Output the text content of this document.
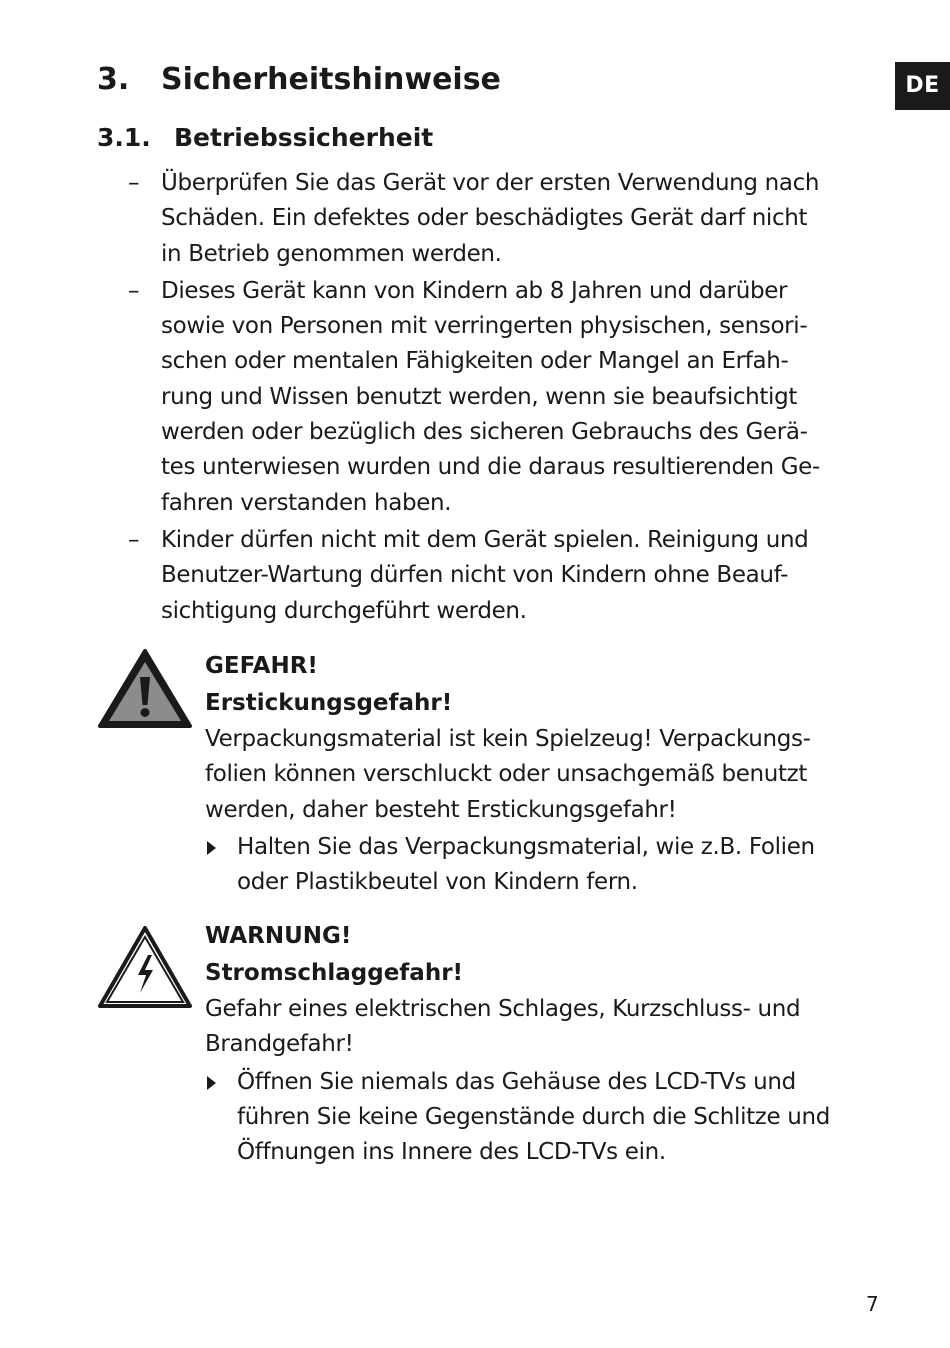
DE
3. Sicherheitshinweise
3.1. Betriebssicherheit
– Überprüfen Sie das Gerät vor der ersten Verwendung nach
Schäden. Ein defektes oder beschädigtes Gerät darf nicht
in Betrieb genommen werden.
– Dieses Gerät kann von Kindern ab 8 Jahren und darüber
sowie von Personen mit verringerten physischen, sensori-
schen oder mentalen Fähigkeiten oder Mangel an Erfah-
rung und Wissen benutzt werden, wenn sie beaufsichtigt
werden oder bezüglich des sicheren Gebrauchs des Gerä-
tes unterwiesen wurden und die daraus resultierenden Ge-
fahren verstanden haben.
– Kinder dürfen nicht mit dem Gerät spielen. Reinigung und
Benutzer-Wartung dürfen nicht von Kindern ohne Beauf-
sichtigung durchgeführt werden.
GEFAHR!
Erstickungsgefahr!
Verpackungsmaterial ist kein Spielzeug! Verpackungs-
folien können verschluckt oder unsachgemäß benutzt
werden, daher besteht Erstickungsgefahr!
Halten Sie das Verpackungsmaterial, wie z.B. Folien
oder Plastikbeutel von Kindern fern.
WARNUNG!
Stromschlaggefahr!
Gefahr eines elektrischen Schlages, Kurzschluss- und
Brandgefahr!
Öffnen Sie niemals das Gehäuse des LCD-TVs und
führen Sie keine Gegenstände durch die Schlitze und
Öffnungen ins Innere des LCD-TVs ein.
7
